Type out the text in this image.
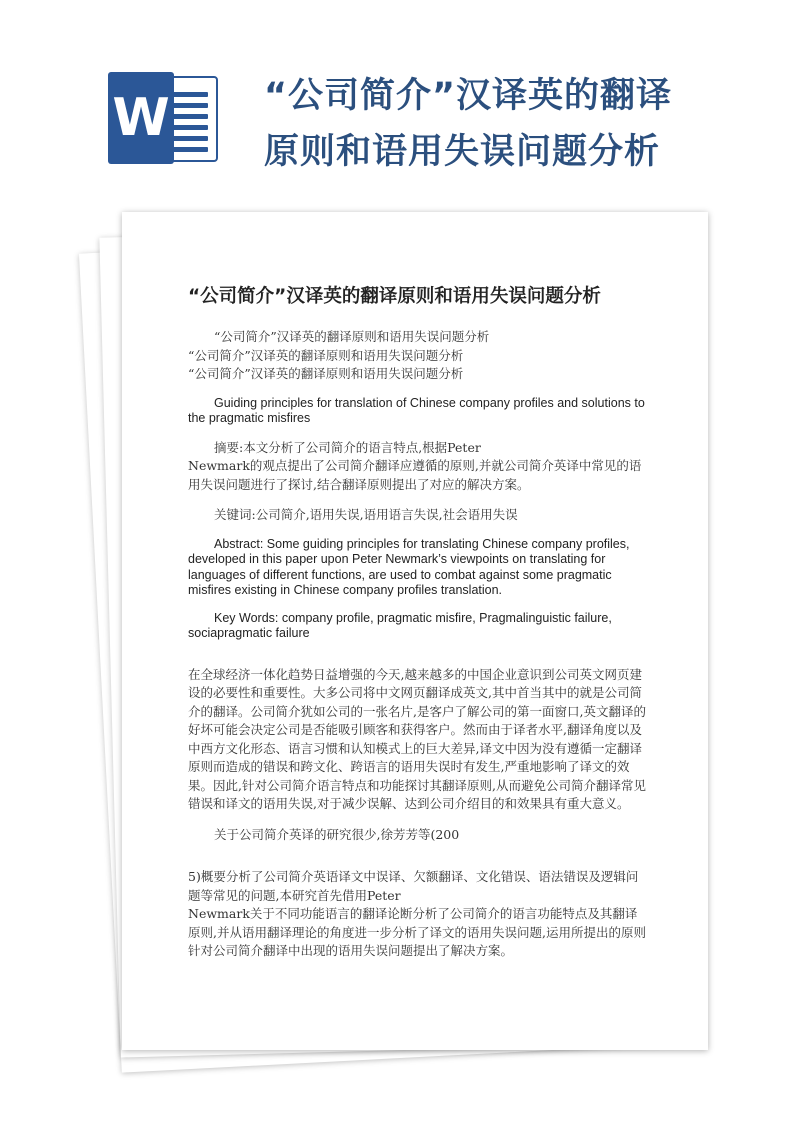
W	“公司简介”汉译英的翻译原则和语用失误问题分析
“公司简介”汉译英的翻译原则和语用失误问题分析

“公司简介”汉译英的翻译原则和语用失误问题分析

“公司简介”汉译英的翻译原则和语用失误问题分析

“公司简介”汉译英的翻译原则和语用失误问题分析

Guiding principles for translation of Chinese company profiles and solutions to the pragmatic misfires

摘要:本文分析了公司简介的语言特点,根据Peter

Newmark的观点提出了公司简介翻译应遵循的原则,并就公司简介英译中常见的语用失误问题进行了探讨,结合翻译原则提出了对应的解决方案。

关键词:公司简介,语用失误,语用语言失误,社会语用失误

Abstract: Some guiding principles for translating Chinese company profiles, developed in this paper upon Peter Newmark’s viewpoints on translating for languages of different functions, are used to combat against some pragmatic misfires existing in Chinese company profiles translation.

Key Words: company profile, pragmatic misfire, Pragmalinguistic failure, sociapragmatic failure

在全球经济一体化趋势日益增强的今天,越来越多的中国企业意识到公司英文网页建设的必要性和重要性。大多公司将中文网页翻译成英文,其中首当其中的就是公司简介的翻译。公司简介犹如公司的一张名片,是客户了解公司的第一面窗口,英文翻译的好坏可能会决定公司是否能吸引顾客和获得客户。然而由于译者水平,翻译角度以及中西方文化形态、语言习惯和认知模式上的巨大差异,译文中因为没有遵循一定翻译原则而造成的错误和跨文化、跨语言的语用失误时有发生,严重地影响了译文的效果。因此,针对公司简介语言特点和功能探讨其翻译原则,从而避免公司简介翻译常见错误和译文的语用失误,对于减少误解、达到公司介绍目的和效果具有重大意义。

关于公司简介英译的研究很少,徐芳芳等(200

5)概要分析了公司简介英语译文中误译、欠额翻译、文化错误、语法错误及逻辑问题等常见的问题,本研究首先借用Peter

Newmark关于不同功能语言的翻译论断分析了公司简介的语言功能特点及其翻译原则,并从语用翻译理论的角度进一步分析了译文的语用失误问题,运用所提出的原则针对公司简介翻译中出现的语用失误问题提出了解决方案。
